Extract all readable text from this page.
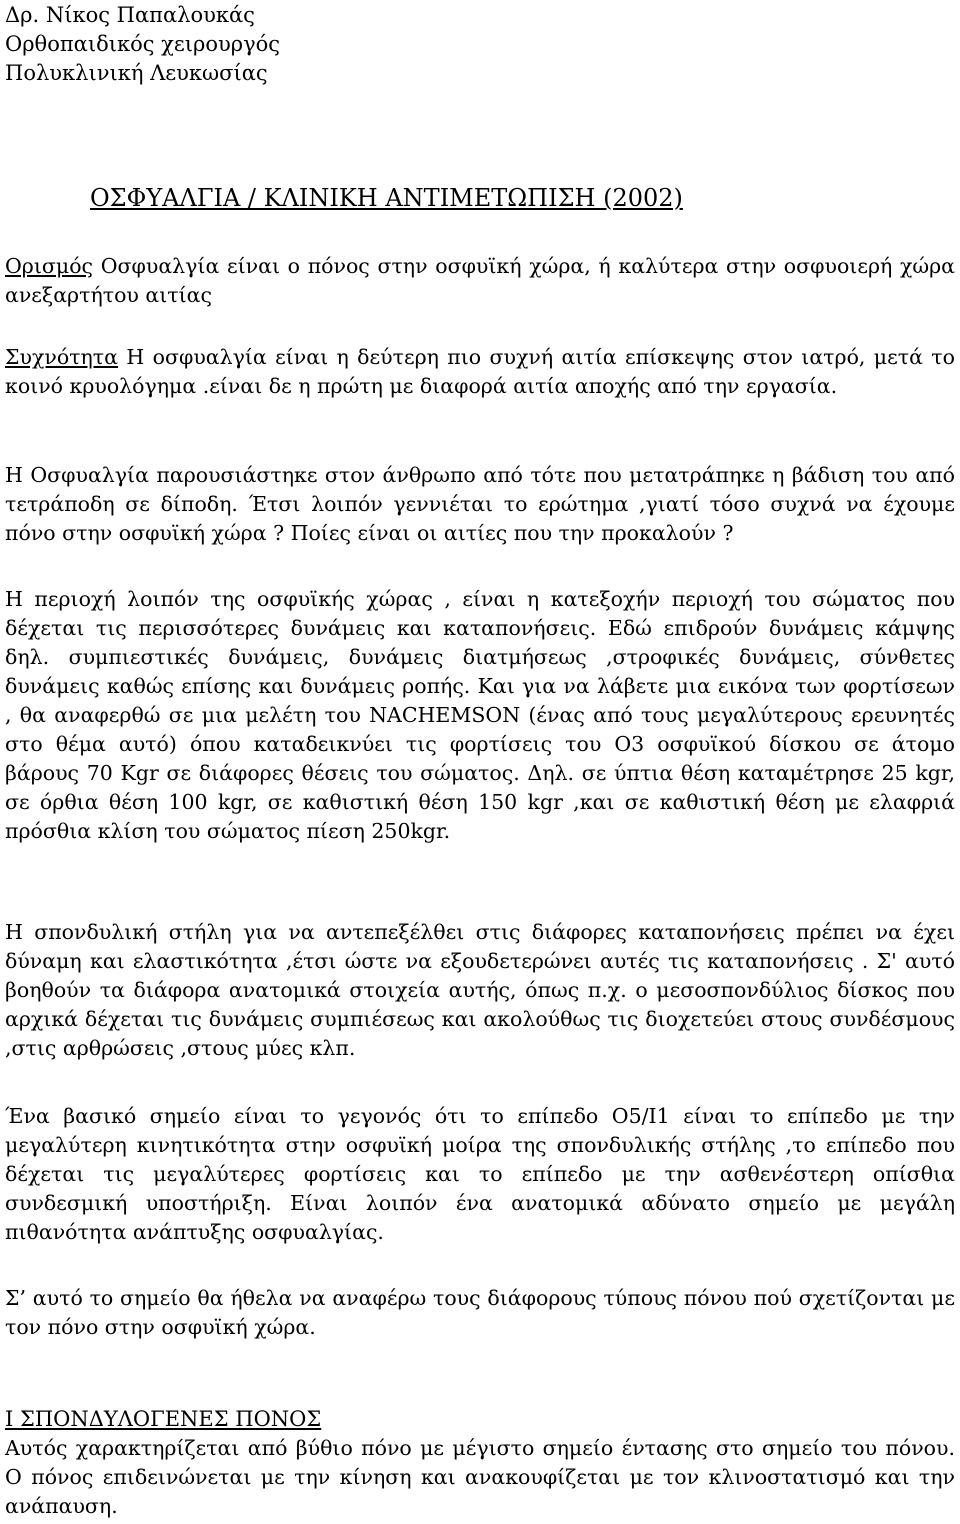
Δρ. Νίκος Παπαλουκάς

Ορθοπαιδικός χειρουργός

Πολυκλινική Λευκωσίας

ΟΣΦΥΑΛΓΙΑ / ΚΛΙΝΙΚΗ ΑΝΤΙΜΕΤΩΠΙΣΗ (2002)

Ορισμός Οσφυαλγία είναι ο πόνος στην οσφυϊκή χώρα, ή καλύτερα στην οσφυοιερή χώρα ανεξαρτήτου αιτίας

Συχνότητα Η οσφυαλγία είναι η δεύτερη πιο συχνή αιτία επίσκεψης στον ιατρό, μετά το κοινό κρυολόγημα .είναι δε η πρώτη με διαφορά αιτία αποχής από την εργασία.

Η Οσφυαλγία παρουσιάστηκε στον άνθρωπο από τότε που μετατράπηκε η βάδιση του από τετράποδη σε δίποδη. Έτσι λοιπόν γεννιέται το ερώτημα ,γιατί τόσο συχνά να έχουμε πόνο στην οσφυϊκή χώρα ? Ποίες είναι οι αιτίες που την προκαλούν ?

Η περιοχή λοιπόν της οσφυϊκής χώρας , είναι η κατεξοχήν περιοχή του σώματος που δέχεται τις περισσότερες δυνάμεις και καταπονήσεις. Εδώ επιδρούν δυνάμεις κάμψης δηλ. συμπιεστικές δυνάμεις, δυνάμεις διατμήσεως ,στροφικές δυνάμεις, σύνθετες δυνάμεις καθώς επίσης και δυνάμεις ροπής. Και για να λάβετε μια εικόνα των φορτίσεων , θα αναφερθώ σε μια μελέτη του NACHEMSON (ένας από τους μεγαλύτερους ερευνητές στο θέμα αυτό) όπου καταδεικνύει τις φορτίσεις του Ο3 οσφυϊκού δίσκου σε άτομο βάρους 70 Kgr σε διάφορες θέσεις του σώματος. Δηλ. σε ύπτια θέση καταμέτρησε 25 kgr, σε όρθια θέση 100 kgr, σε καθιστική θέση 150 kgr ,και σε καθιστική θέση με ελαφριά πρόσθια κλίση του σώματος πίεση 250kgr.

Η σπονδυλική στήλη για να αντεπεξέλθει στις διάφορες καταπονήσεις πρέπει να έχει δύναμη και ελαστικότητα ,έτσι ώστε να εξουδετερώνει αυτές τις καταπονήσεις . Σ' αυτό βοηθούν τα διάφορα ανατομικά στοιχεία αυτής, όπως π.χ. ο μεσοσπονδύλιος δίσκος που αρχικά δέχεται τις δυνάμεις συμπιέσεως και ακολούθως τις διοχετεύει στους συνδέσμους ,στις αρθρώσεις ,στους μύες κλπ.

Ένα βασικό σημείο είναι το γεγονός ότι το επίπεδο Ο5/Ι1 είναι το επίπεδο με την μεγαλύτερη κινητικότητα στην οσφυϊκή μοίρα της σπονδυλικής στήλης ,το επίπεδο που δέχεται τις μεγαλύτερες φορτίσεις και το επίπεδο με την ασθενέστερη οπίσθια συνδεσμική υποστήριξη. Είναι λοιπόν ένα ανατομικά αδύνατο σημείο με μεγάλη πιθανότητα ανάπτυξης οσφυαλγίας.

Σ’ αυτό το σημείο θα ήθελα να αναφέρω τους διάφορους τύπους πόνου πού σχετίζονται με τον πόνο στην οσφυϊκή χώρα.

Ι ΣΠΟΝΔΥΛΟΓΕΝΕΣ ΠΟΝΟΣ

Αυτός χαρακτηρίζεται από βύθιο πόνο με μέγιστο σημείο έντασης στο σημείο του πόνου. Ο πόνος επιδεινώνεται με την κίνηση και ανακουφίζεται με τον κλινοστατισμό και την ανάπαυση.
